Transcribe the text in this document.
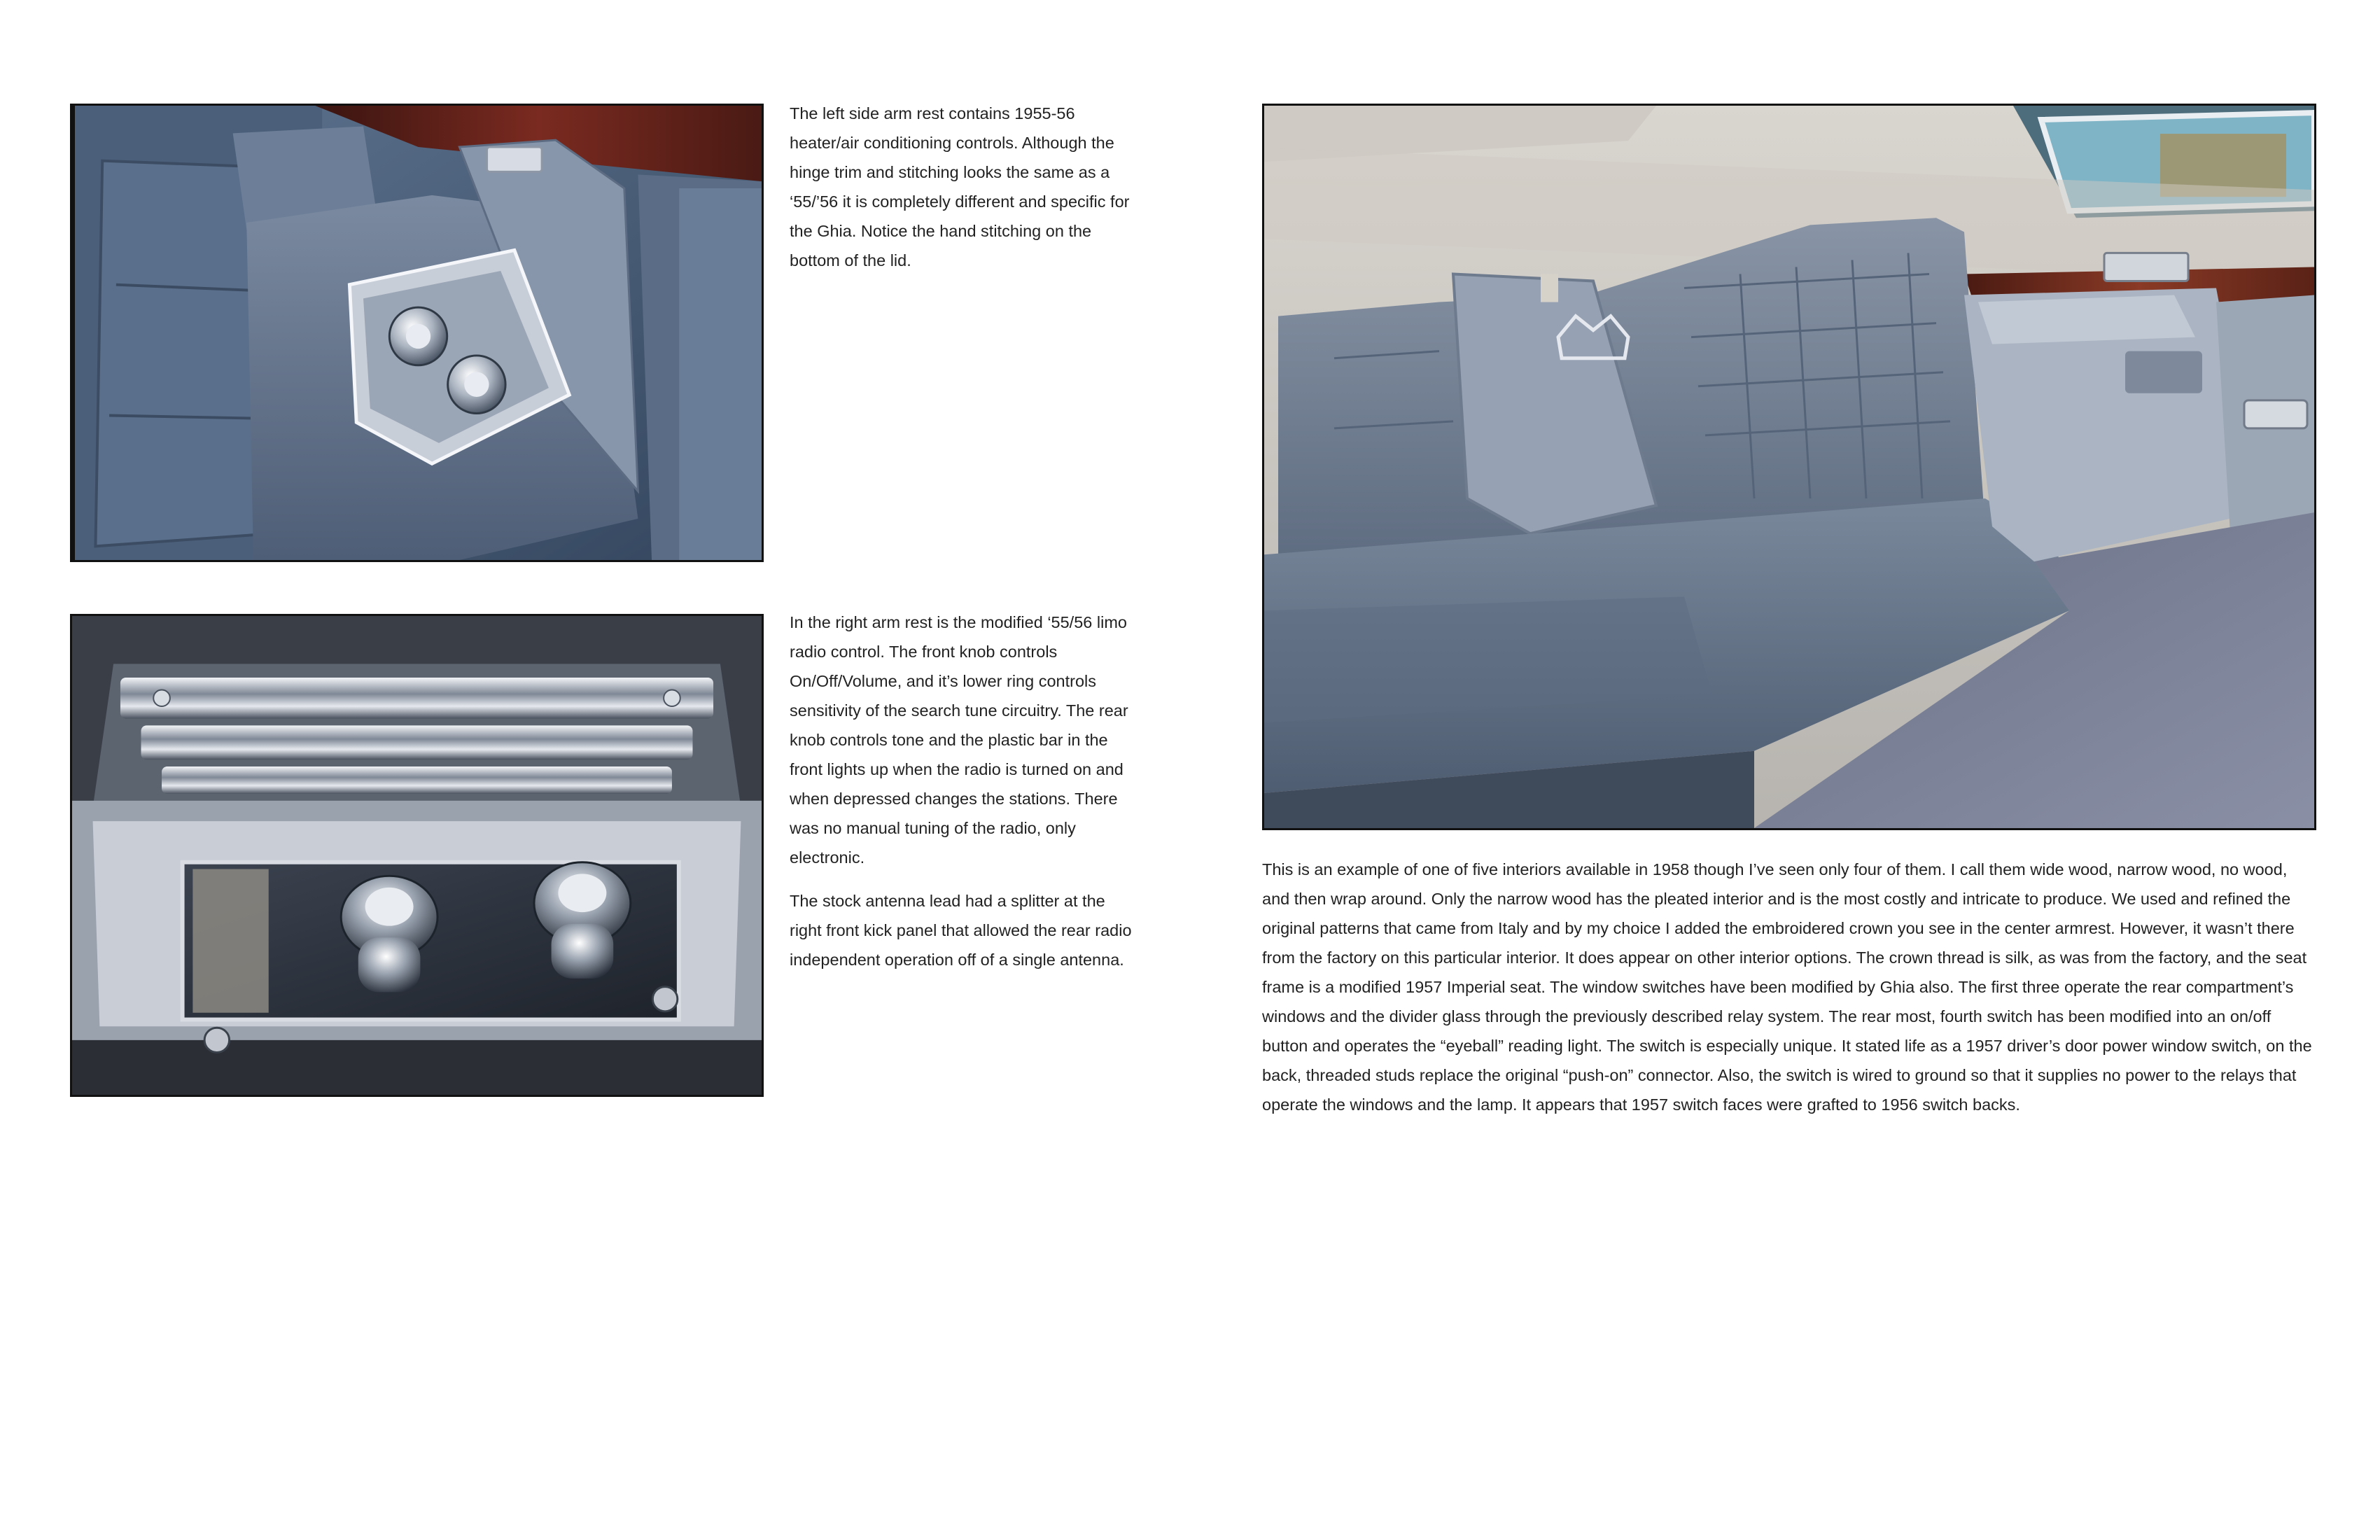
The left side arm rest contains 1955-56 heater/air conditioning controls. Although the hinge trim and stitching looks the same as a ‘55/’56 it is completely different and specific for the Ghia. Notice the hand stitching on the bottom of the lid.

In the right arm rest is the modified ‘55/56 limo radio control. The front knob controls On/Off/Volume, and it’s lower ring controls sensitivity of the search tune circuitry. The rear knob controls tone and the plastic bar in the front lights up when the radio is turned on and when depressed changes the stations. There was no manual tuning of the radio, only electronic.

The stock antenna lead had a splitter at the right front kick panel that allowed the rear radio independent operation off of a single antenna.

This is an example of one of five interiors available in 1958 though I’ve seen only four of them. I call them wide wood, narrow wood, no wood, and then wrap around. Only the narrow wood has the pleated interior and is the most costly and intricate to produce. We used and refined the original patterns that came from Italy and by my choice I added the embroidered crown you see in the center armrest. However, it wasn’t there from the factory on this particular interior. It does appear on other interior options. The crown thread is silk, as was from the factory, and the seat frame is a modified 1957 Imperial seat. The window switches have been modified by Ghia also. The first three operate the rear compartment’s windows and the divider glass through the previously described relay system. The rear most, fourth switch has been modified into an on/off button and operates the “eyeball” reading light. The switch is especially unique. It stated life as a 1957 driver’s door power window switch, on the back, threaded studs replace the original “push-on” connector. Also, the switch is wired to ground so that it supplies no power to the relays that operate the windows and the lamp. It appears that 1957 switch faces were grafted to 1956 switch backs.
